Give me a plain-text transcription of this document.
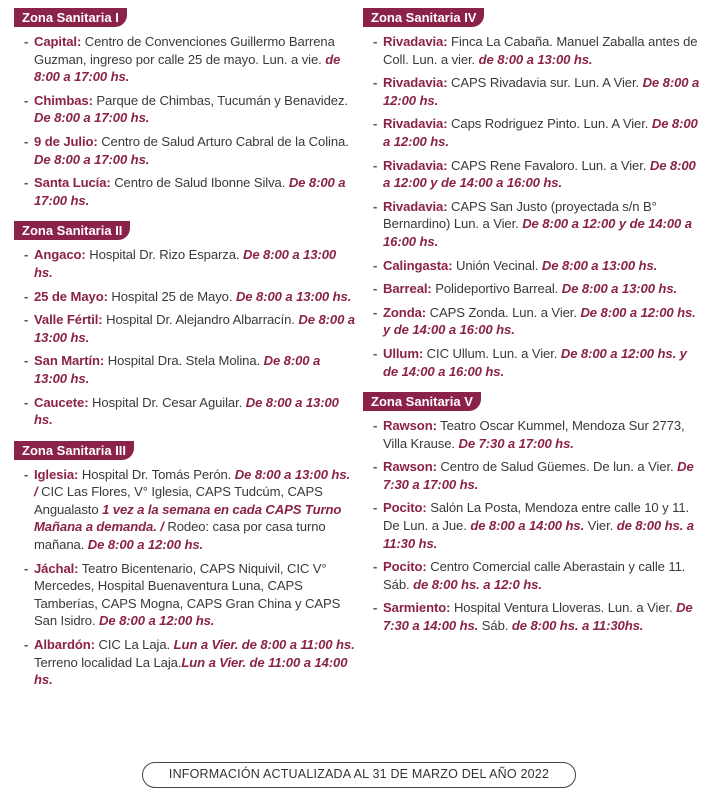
Zona Sanitaria I
- Capital: Centro de Convenciones Guillermo Barrena Guzman, ingreso por calle 25 de mayo. Lun. a vie. de 8:00 a 17:00 hs.
- Chimbas: Parque de Chimbas, Tucumán y Benavidez. De 8:00 a 17:00 hs.
- 9 de Julio: Centro de Salud Arturo Cabral de la Colina. De 8:00 a 17:00 hs.
- Santa Lucía: Centro de Salud Ibonne Silva. De 8:00 a 17:00 hs.
Zona Sanitaria II
- Angaco: Hospital Dr. Rizo Esparza. De 8:00 a 13:00 hs.
- 25 de Mayo: Hospital 25 de Mayo. De 8:00 a 13:00 hs.
- Valle Fértil: Hospital Dr. Alejandro Albarracín. De 8:00 a 13:00 hs.
- San Martín: Hospital Dra. Stela Molina. De 8:00 a 13:00 hs.
- Caucete: Hospital Dr. Cesar Aguilar. De 8:00 a 13:00 hs.
Zona Sanitaria III
- Iglesia: Hospital Dr. Tomás Perón. De 8:00 a 13:00 hs. / CIC Las Flores, V° Iglesia, CAPS Tudcúm, CAPS Angualasto 1 vez a la semana en cada CAPS Turno Mañana a demanda. / Rodeo: casa por casa turno mañana. De 8:00 a 12:00 hs.
- Jáchal: Teatro Bicentenario, CAPS Niquivil, CIC V° Mercedes, Hospital Buenaventura Luna, CAPS Tamberías, CAPS Mogna, CAPS Gran China y CAPS San Isidro. De 8:00 a 12:00 hs.
- Albardón: CIC La Laja. Lun a Vier. de 8:00 a 11:00 hs. Terreno localidad La Laja.Lun a Vier. de 11:00 a 14:00 hs.
Zona Sanitaria IV
- Rivadavia: Finca La Cabaña. Manuel Zaballa antes de Coll. Lun. a vier. de 8:00 a 13:00 hs.
- Rivadavia: CAPS Rivadavia sur. Lun. A Vier. De 8:00 a 12:00 hs.
- Rivadavia: Caps Rodriguez Pinto. Lun. A Vier. De 8:00 a 12:00 hs.
- Rivadavia: CAPS Rene Favaloro. Lun. a Vier. De 8:00 a 12:00 y de 14:00 a 16:00 hs.
- Rivadavia: CAPS San Justo (proyectada s/n B° Bernardino) Lun. a Vier. De 8:00 a 12:00 y de 14:00 a 16:00 hs.
- Calingasta: Unión Vecinal. De 8:00 a 13:00 hs.
- Barreal: Polideportivo Barreal. De 8:00 a 13:00 hs.
- Zonda: CAPS Zonda. Lun. a Vier. De 8:00 a 12:00 hs. y de 14:00 a 16:00 hs.
- Ullum: CIC Ullum. Lun. a Vier. De 8:00 a 12:00 hs. y de 14:00 a 16:00 hs.
Zona Sanitaria V
- Rawson: Teatro Oscar Kummel, Mendoza Sur 2773, Villa Krause. De 7:30 a 17:00 hs.
- Rawson: Centro de Salud Güemes. De lun. a Vier. De 7:30 a 17:00 hs.
- Pocito: Salón La Posta, Mendoza entre calle 10 y 11. De Lun. a Jue. de 8:00 a 14:00 hs. Vier. de 8:00 hs. a 11:30 hs.
- Pocito: Centro Comercial calle Aberastain y calle 11. Sáb. de 8:00 hs. a 12:0 hs.
- Sarmiento: Hospital Ventura Lloveras. Lun. a Vier. De 7:30 a 14:00 hs. Sáb. de 8:00 hs. a 11:30hs.
INFORMACIÓN ACTUALIZADA AL 31 DE MARZO DEL AÑO 2022
